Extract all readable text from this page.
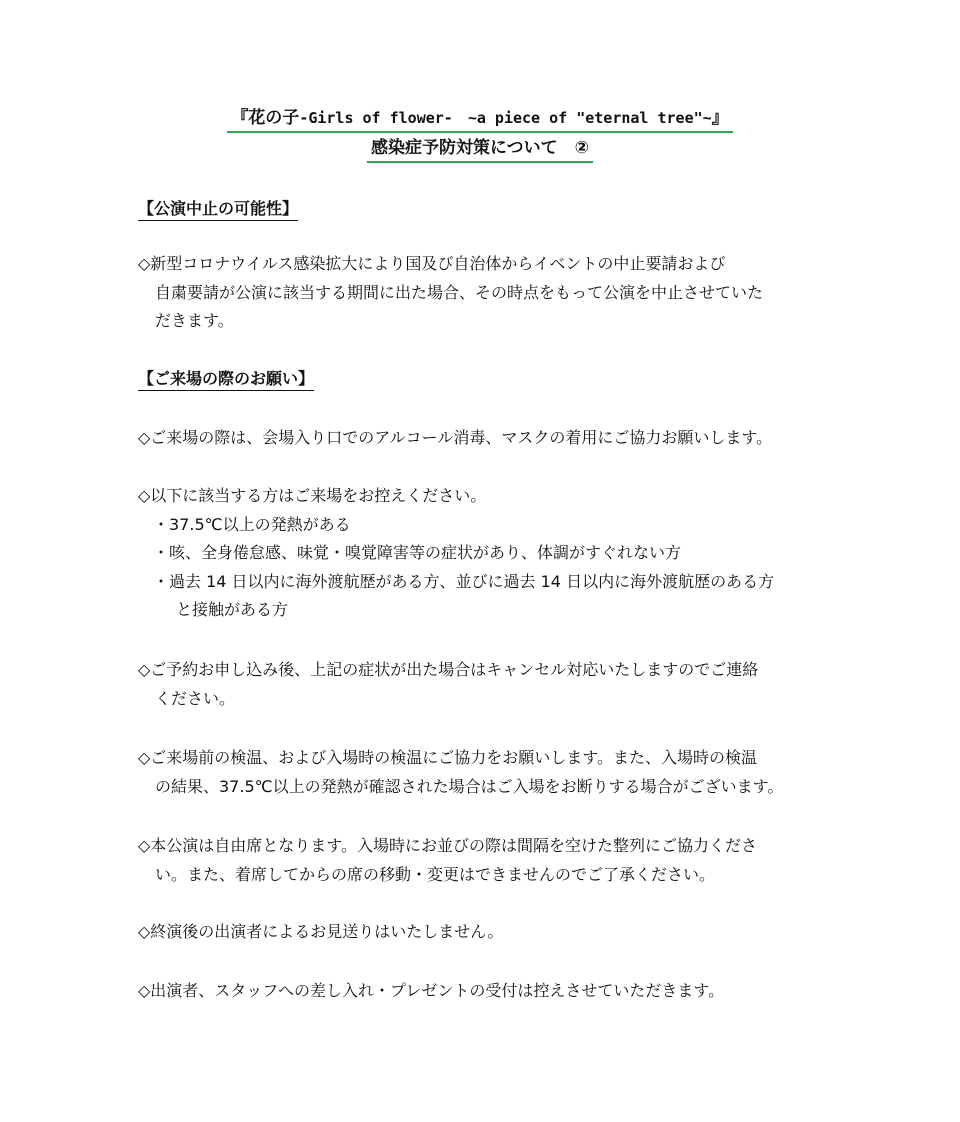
『花の子-Girls of flower-　~a piece of "eternal tree"~』
感染症予防対策について　②
【公演中止の可能性】
◇新型コロナウイルス感染拡大により国及び自治体からイベントの中止要請および
自粛要請が公演に該当する期間に出た場合、その時点をもって公演を中止させていた
だきます。
【ご来場の際のお願い】
◇ご来場の際は、会場入り口でのアルコール消毒、マスクの着用にご協力お願いします。
◇以下に該当する方はご来場をお控えください。
・37.5℃以上の発熱がある
・咳、全身倦怠感、味覚・嗅覚障害等の症状があり、体調がすぐれない方
・過去 14 日以内に海外渡航歴がある方、並びに過去 14 日以内に海外渡航歴のある方
と接触がある方
◇ご予約お申し込み後、上記の症状が出た場合はキャンセル対応いたしますのでご連絡
ください。
◇ご来場前の検温、および入場時の検温にご協力をお願いします。また、入場時の検温
の結果、37.5℃以上の発熱が確認された場合はご入場をお断りする場合がございます。
◇本公演は自由席となります。入場時にお並びの際は間隔を空けた整列にご協力くださ
い。また、着席してからの席の移動・変更はできませんのでご了承ください。
◇終演後の出演者によるお見送りはいたしません。
◇出演者、スタッフへの差し入れ・プレゼントの受付は控えさせていただきます。
